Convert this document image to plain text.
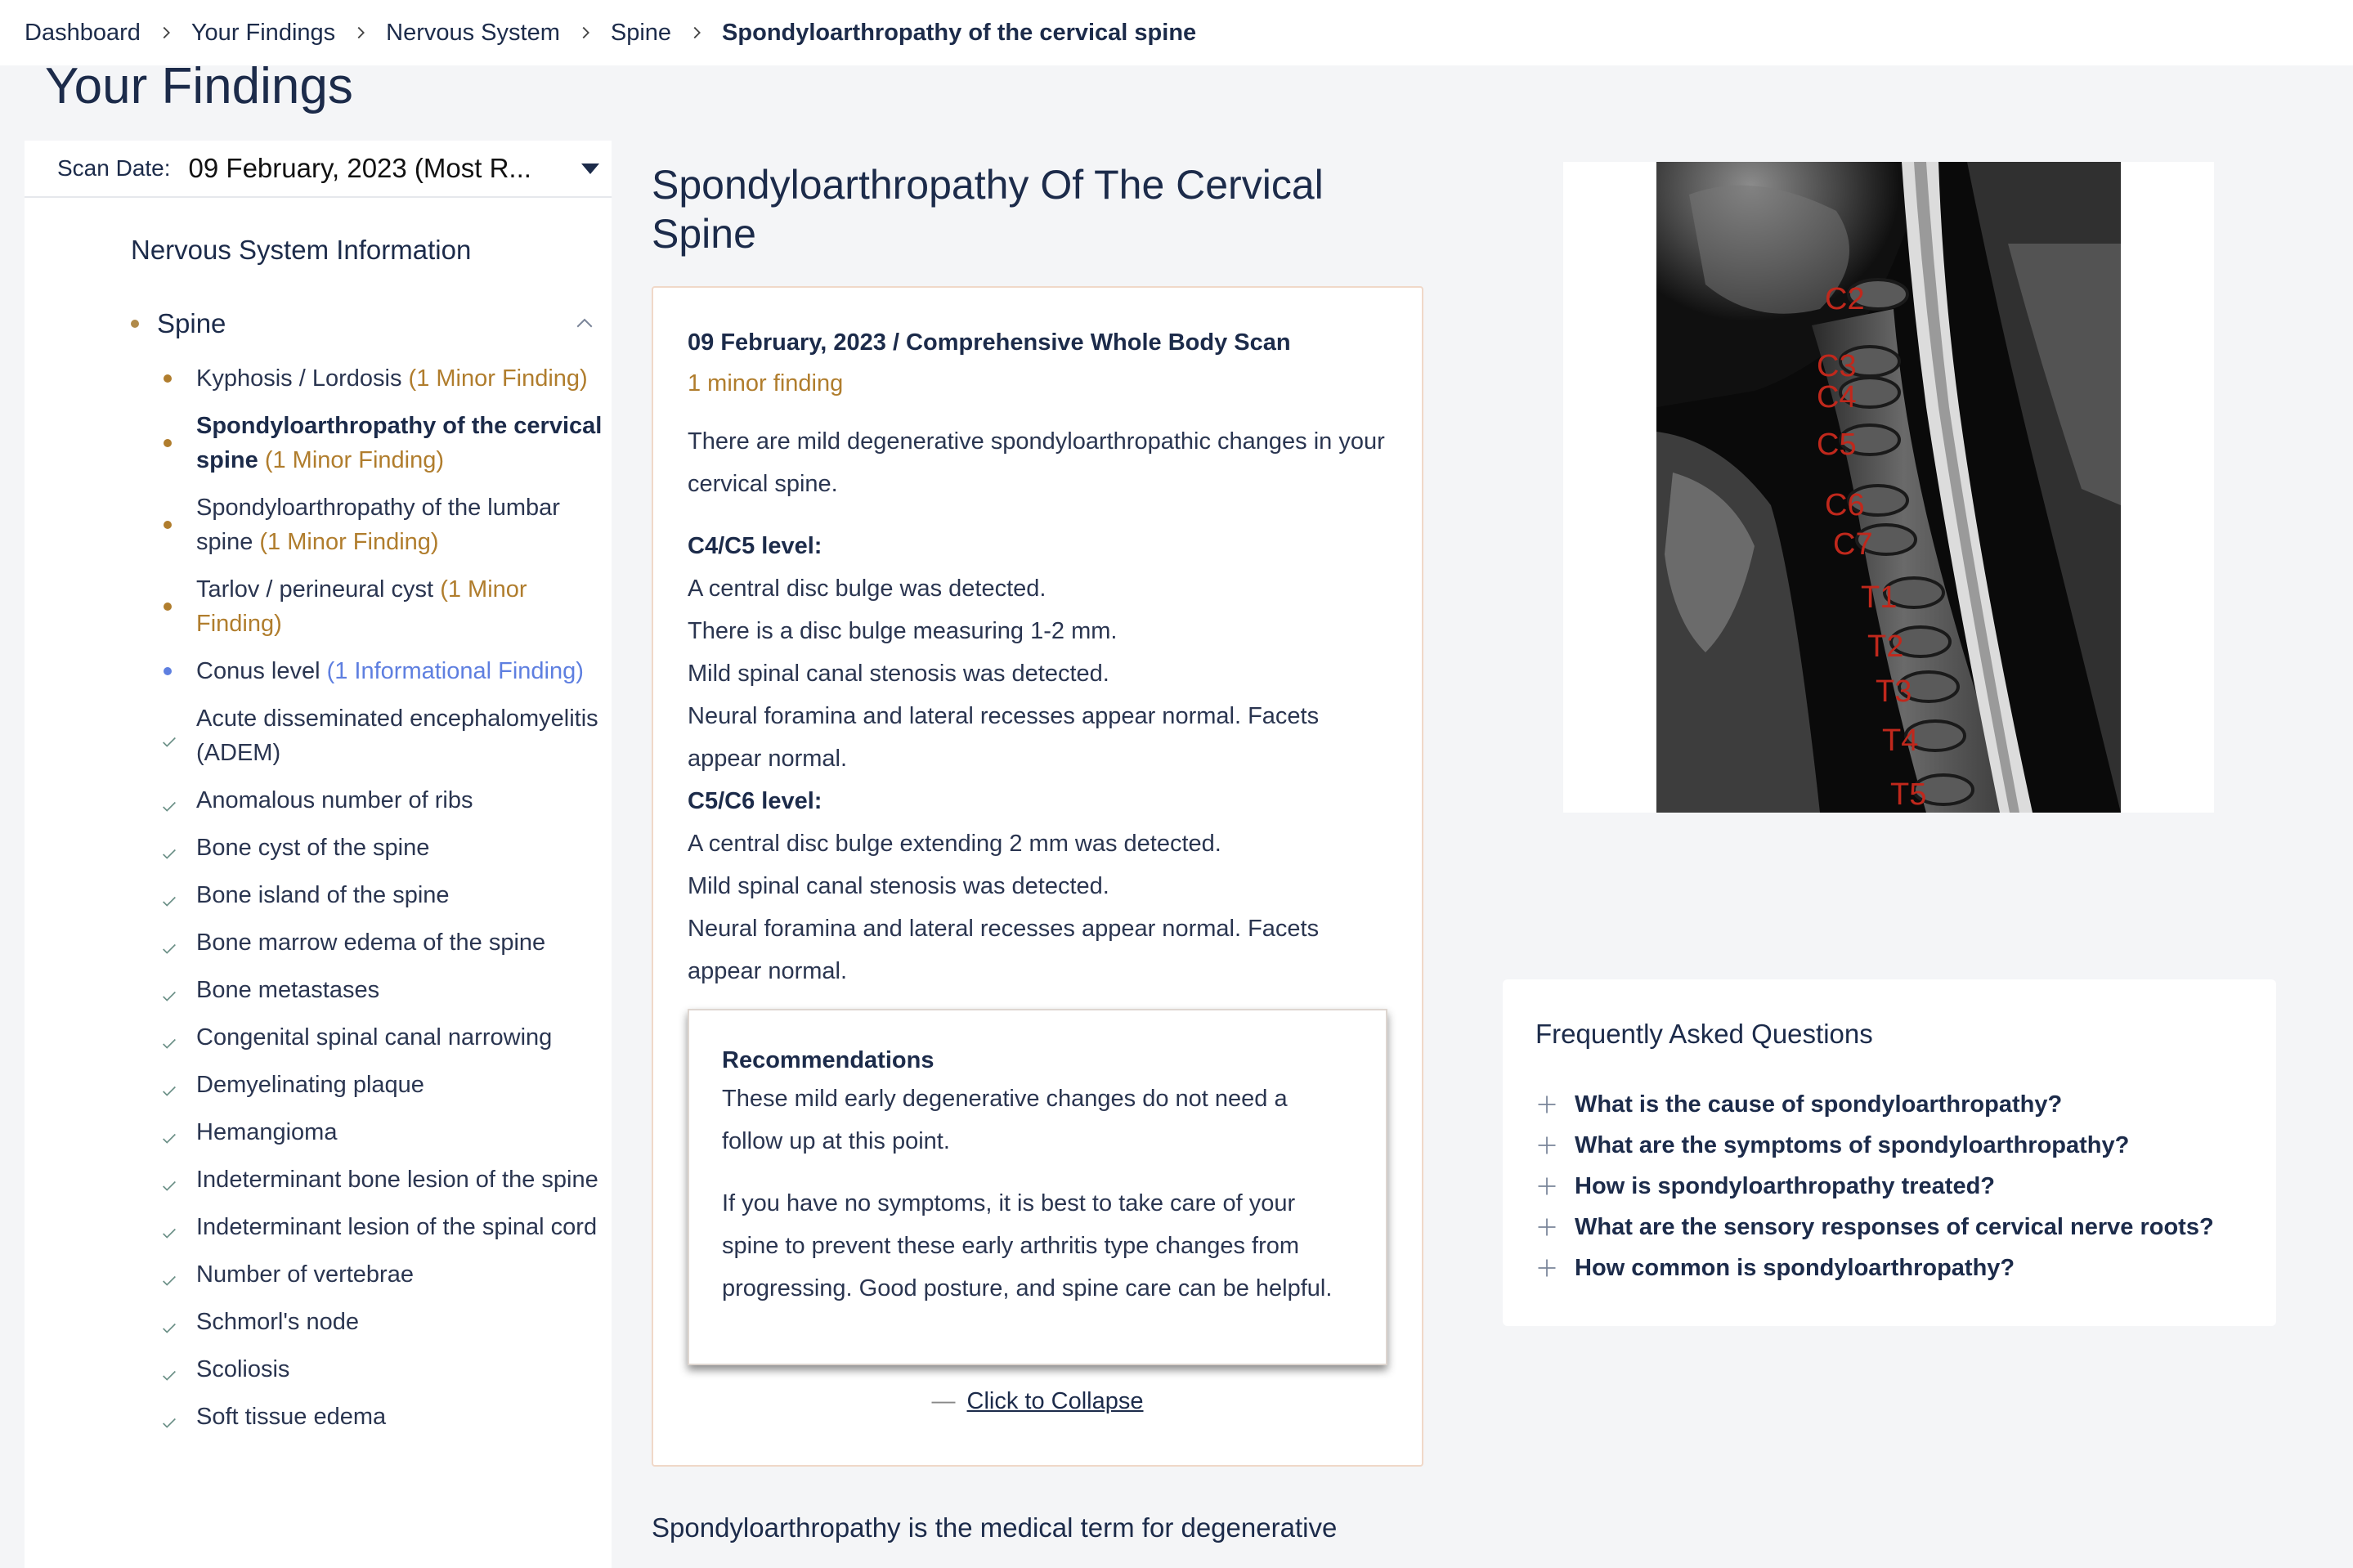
Dashboard Your Findings Nervous System Spine Spondyloarthropathy of the cervical spine
Your Findings
Scan Date: 09 February, 2023 (Most R...
Nervous System Information
Spine
Kyphosis / Lordosis (1 Minor Finding)
Spondyloarthropathy of the cervical spine (1 Minor Finding)
Spondyloarthropathy of the lumbar spine (1 Minor Finding)
Tarlov / perineural cyst (1 Minor Finding)
Conus level (1 Informational Finding)
Acute disseminated encephalomyelitis (ADEM)
Anomalous number of ribs
Bone cyst of the spine
Bone island of the spine
Bone marrow edema of the spine
Bone metastases
Congenital spinal canal narrowing
Demyelinating plaque
Hemangioma
Indeterminant bone lesion of the spine
Indeterminant lesion of the spinal cord
Number of vertebrae
Schmorl's node
Scoliosis
Soft tissue edema
Spondyloarthropathy Of The Cervical Spine
09 February, 2023 / Comprehensive Whole Body Scan
1 minor finding
There are mild degenerative spondyloarthropathic changes in your cervical spine.
C4/C5 level:
A central disc bulge was detected.
There is a disc bulge measuring 1-2 mm.
Mild spinal canal stenosis was detected.
Neural foramina and lateral recesses appear normal. Facets appear normal.
C5/C6 level:
A central disc bulge extending 2 mm was detected.
Mild spinal canal stenosis was detected.
Neural foramina and lateral recesses appear normal. Facets appear normal.
Recommendations
These mild early degenerative changes do not need a follow up at this point.
If you have no symptoms, it is best to take care of your spine to prevent these early arthritis type changes from progressing. Good posture, and spine care can be helpful.
— Click to Collapse
Spondyloarthropathy is the medical term for degenerative
C2
C3
C4
C5
C6
C7
T1
T2
T3
T4
T5
Frequently Asked Questions
What is the cause of spondyloarthropathy?
What are the symptoms of spondyloarthropathy?
How is spondyloarthropathy treated?
What are the sensory responses of cervical nerve roots?
How common is spondyloarthropathy?
